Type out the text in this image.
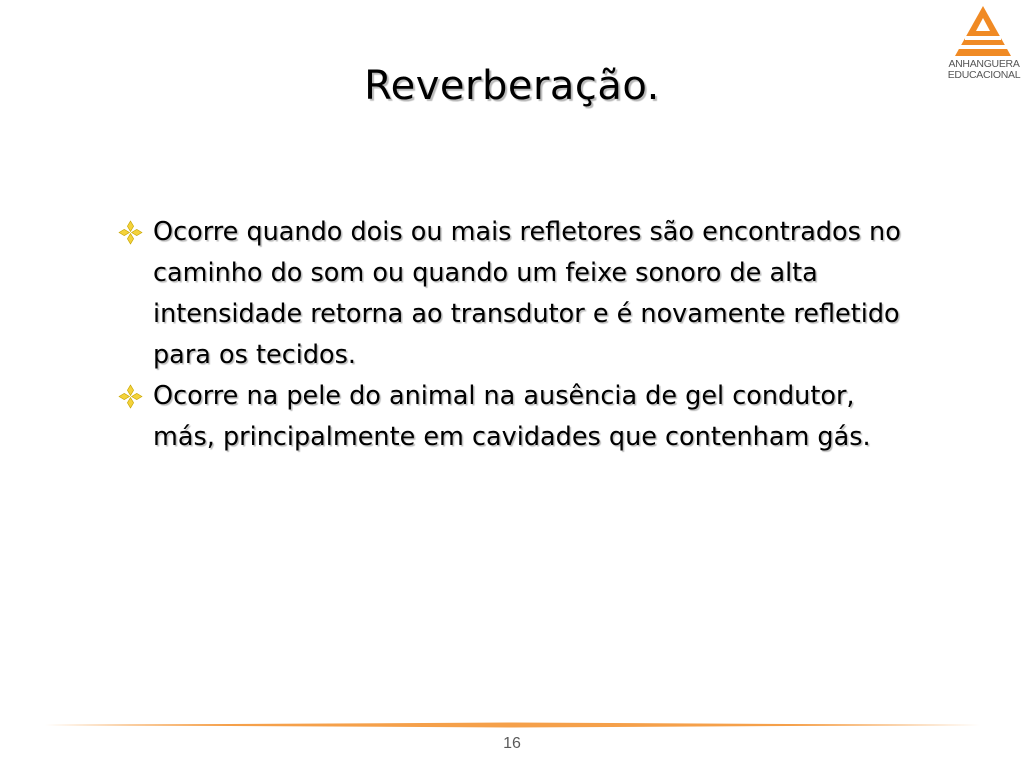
ANHANGUERA
EDUCACIONAL
Reverberação.
Ocorre quando dois ou mais refletores são encontrados no caminho do som ou quando um feixe sonoro de alta intensidade retorna ao transdutor e é novamente refletido para os tecidos.
Ocorre na pele do animal na ausência de gel condutor, más, principalmente em cavidades que contenham gás.
16
